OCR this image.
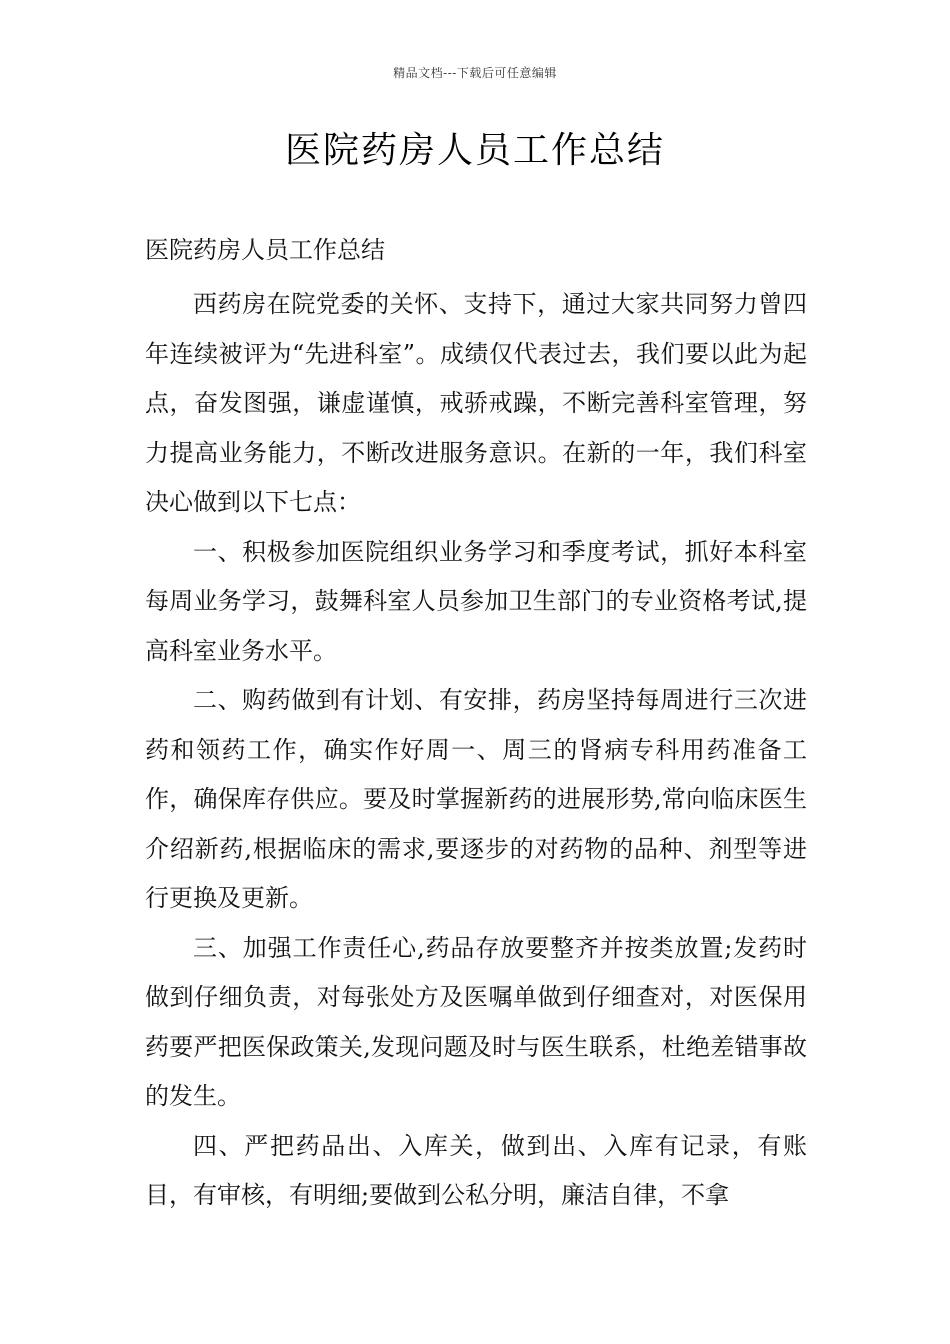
精品文档---下载后可任意编辑
医院药房人员工作总结

医院药房人员工作总结

西药房在院党委的关怀、支持下，通过大家共同努力曾四年连续被评为“先进科室”。成绩仅代表过去，我们要以此为起点，奋发图强，谦虚谨慎，戒骄戒躁，不断完善科室管理，努力提高业务能力，不断改进服务意识。在新的一年，我们科室决心做到以下七点：

一、积极参加医院组织业务学习和季度考试，抓好本科室每周业务学习，鼓舞科室人员参加卫生部门的专业资格考试,提高科室业务水平。

二、购药做到有计划、有安排，药房坚持每周进行三次进药和领药工作，确实作好周一、周三的肾病专科用药准备工作，确保库存供应。要及时掌握新药的进展形势,常向临床医生介绍新药,根据临床的需求,要逐步的对药物的品种、剂型等进行更换及更新。

三、加强工作责任心,药品存放要整齐并按类放置;发药时做到仔细负责，对每张处方及医嘱单做到仔细查对，对医保用药要严把医保政策关,发现问题及时与医生联系，杜绝差错事故的发生。

四、严把药品出、入库关，做到出、入库有记录，有账目，有审核，有明细;要做到公私分明，廉洁自律，不拿
